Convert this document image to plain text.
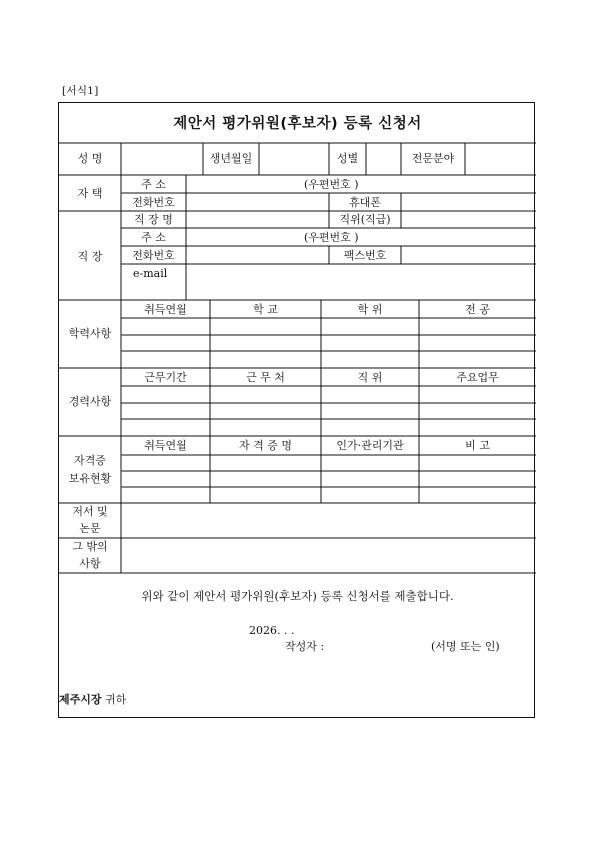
[서식1]
제안서 평가위원(후보자) 등록 신청서
성 명	생년월일	성별	전문분야
자 택
주 소	(우편번호 )
전화번호	휴대폰
직 장
직 장 명	직위(직급)
주 소	(우편번호 )
전화번호	팩스번호
e-mail
학력사항
취득연월	학 교	학 위	전 공
경력사항
근무기간	근 무 처	직 위	주요업무
자격증
보유현황
취득연월	자 격 증 명	인가·관리기관	비 고
저서 및
논문
그 밖의
사항
위와 같이 제안서 평가위원(후보자) 등록 신청서를 제출합니다.
2026. . .
작성자 :	(서명 또는 인)
제주시장 귀하
